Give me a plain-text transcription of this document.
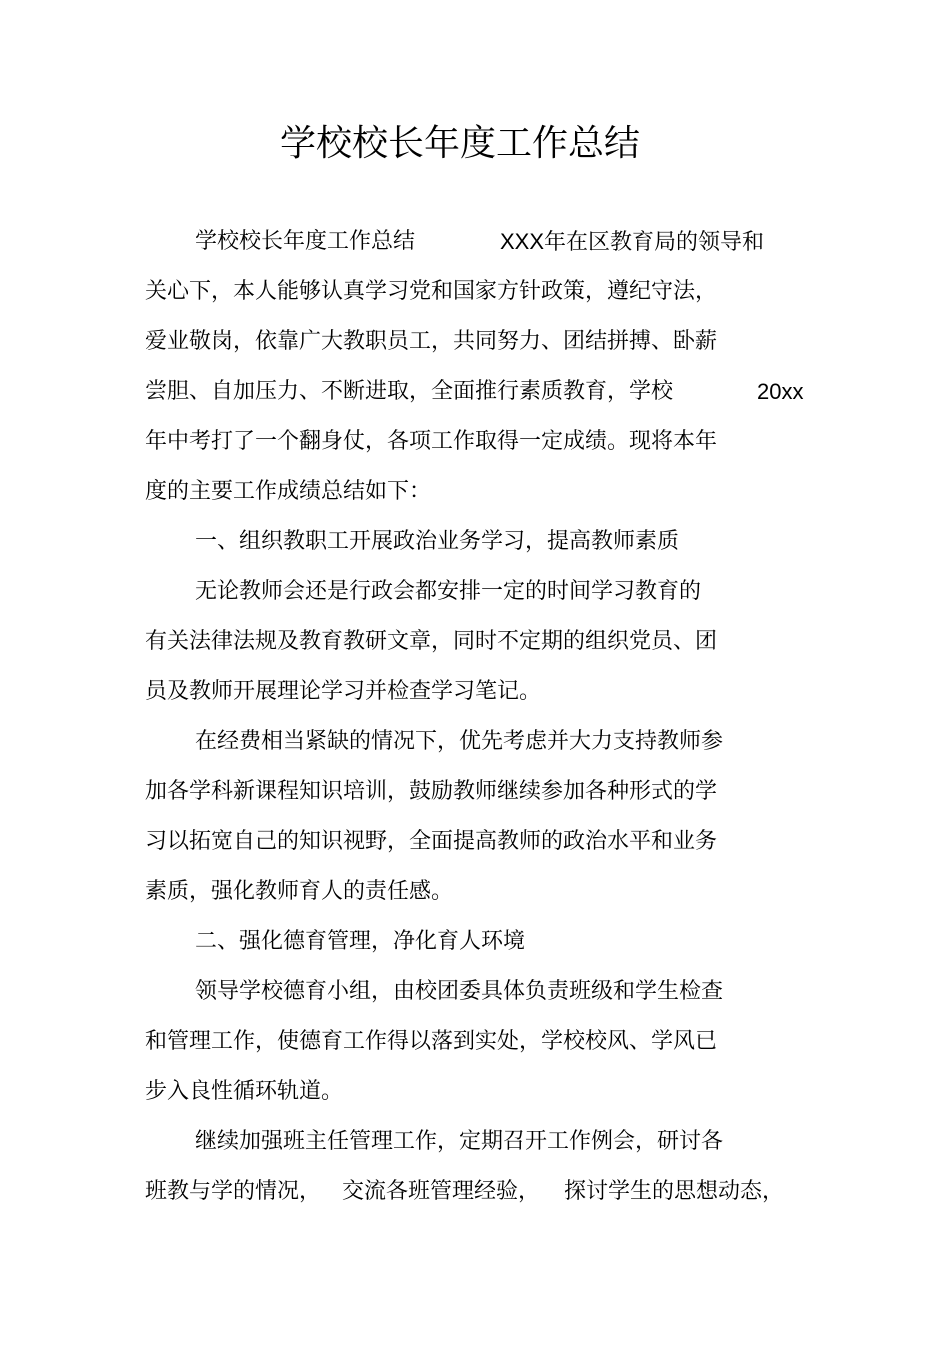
学校校长年度工作总结
学校校长年度工作总结	XXX年在区教育局的领导和
关心下，本人能够认真学习党和国家方针政策，遵纪守法，
爱业敬岗，依靠广大教职员工，共同努力、团结拼搏、卧薪
尝胆、自加压力、不断进取，全面推行素质教育，学校	20xx
年中考打了一个翻身仗，各项工作取得一定成绩。现将本年
度的主要工作成绩总结如下：
一、组织教职工开展政治业务学习，提高教师素质
无论教师会还是行政会都安排一定的时间学习教育的
有关法律法规及教育教研文章，同时不定期的组织党员、团
员及教师开展理论学习并检查学习笔记。
在经费相当紧缺的情况下，优先考虑并大力支持教师参
加各学科新课程知识培训，鼓励教师继续参加各种形式的学
习以拓宽自己的知识视野，全面提高教师的政治水平和业务
素质，强化教师育人的责任感。
二、强化德育管理，净化育人环境
领导学校德育小组，由校团委具体负责班级和学生检查
和管理工作，使德育工作得以落到实处，学校校风、学风已
步入良性循环轨道。
继续加强班主任管理工作，定期召开工作例会，研讨各
班教与学的情况， 交流各班管理经验， 探讨学生的思想动态，
